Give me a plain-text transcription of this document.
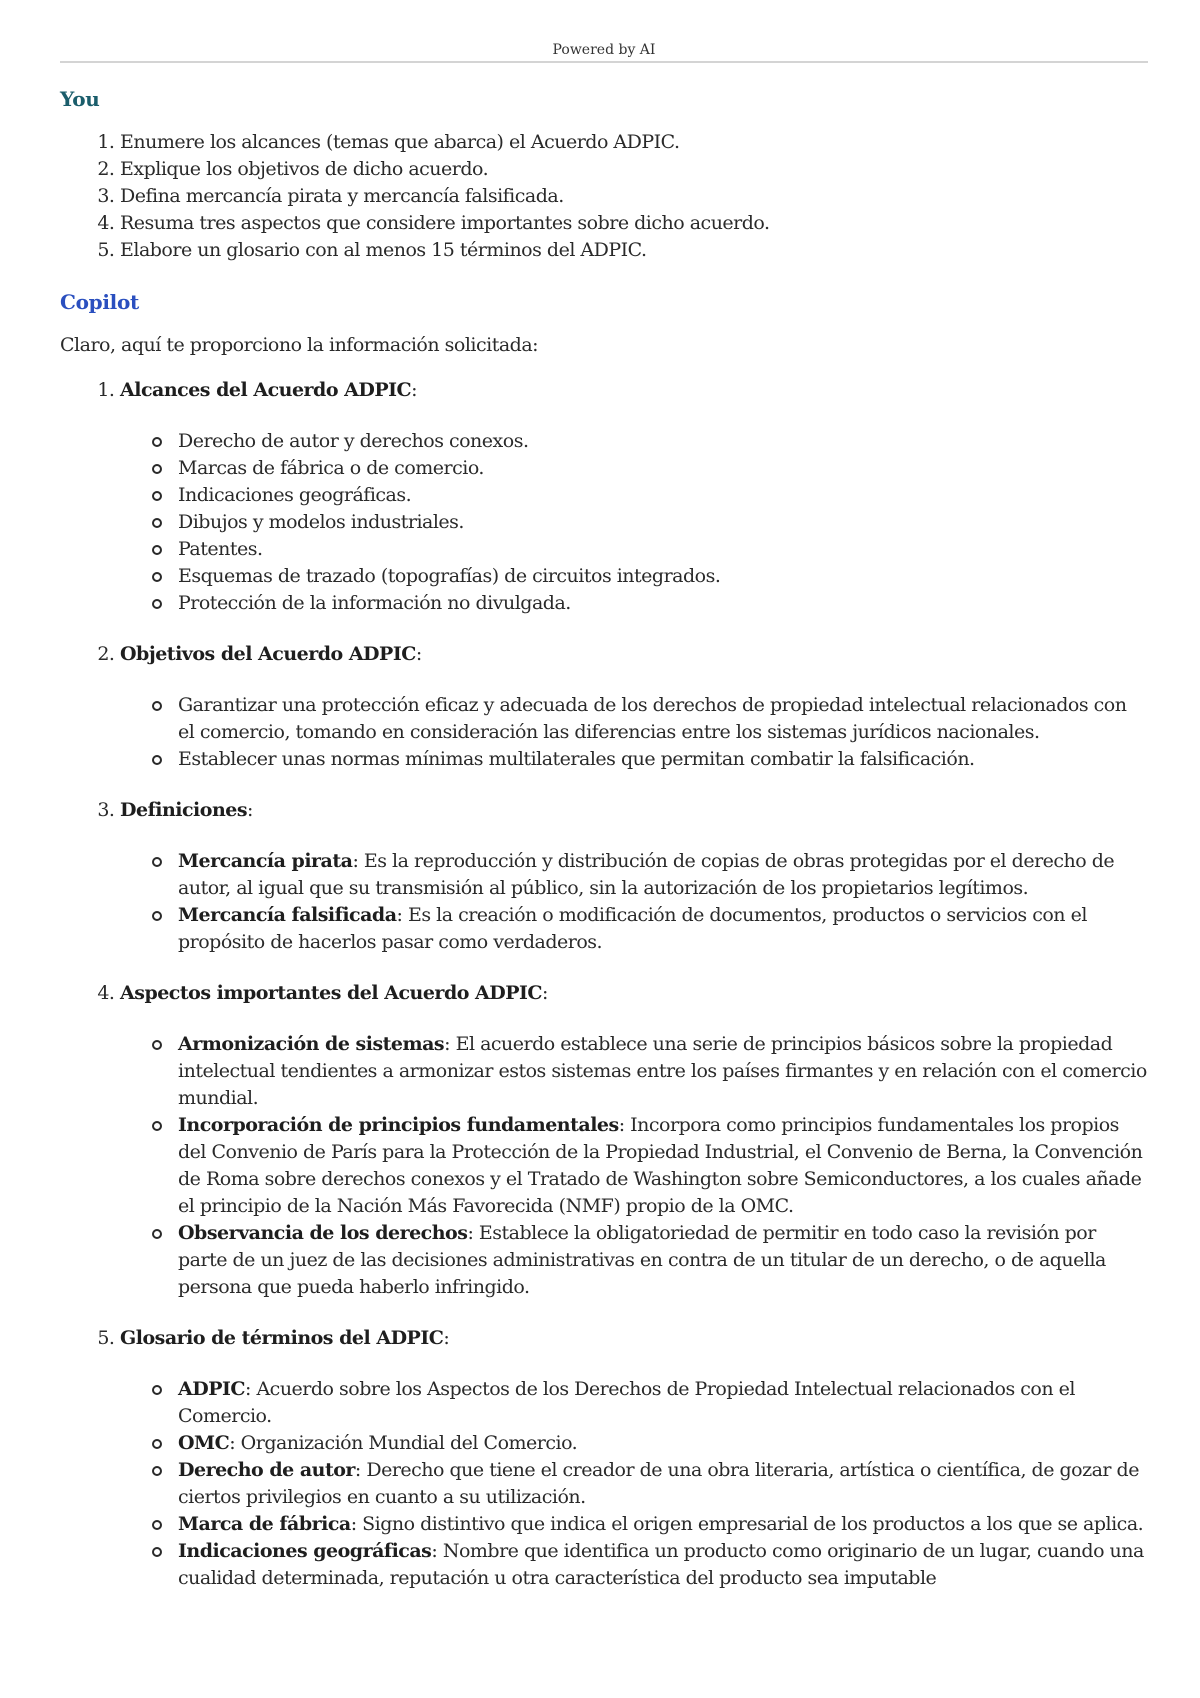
Powered by AI
You
1. Enumere los alcances (temas que abarca) el Acuerdo ADPIC.
2. Explique los objetivos de dicho acuerdo.
3. Defina mercancía pirata y mercancía falsificada.
4. Resuma tres aspectos que considere importantes sobre dicho acuerdo.
5. Elabore un glosario con al menos 15 términos del ADPIC.
Copilot

Claro, aquí te proporciono la información solicitada:

1. Alcances del Acuerdo ADPIC:
Derecho de autor y derechos conexos.
Marcas de fábrica o de comercio.
Indicaciones geográficas.
Dibujos y modelos industriales.
Patentes.
Esquemas de trazado (topografías) de circuitos integrados.
Protección de la información no divulgada.
2. Objetivos del Acuerdo ADPIC:
Garantizar una protección eficaz y adecuada de los derechos de propiedad intelectual relacionados con el comercio, tomando en consideración las diferencias entre los sistemas jurídicos nacionales.
Establecer unas normas mínimas multilaterales que permitan combatir la falsificación.
3. Definiciones:
Mercancía pirata: Es la reproducción y distribución de copias de obras protegidas por el derecho de autor, al igual que su transmisión al público, sin la autorización de los propietarios legítimos.
Mercancía falsificada: Es la creación o modificación de documentos, productos o servicios con el propósito de hacerlos pasar como verdaderos.
4. Aspectos importantes del Acuerdo ADPIC:
Armonización de sistemas: El acuerdo establece una serie de principios básicos sobre la propiedad intelectual tendientes a armonizar estos sistemas entre los países firmantes y en relación con el comercio mundial.
Incorporación de principios fundamentales: Incorpora como principios fundamentales los propios del Convenio de París para la Protección de la Propiedad Industrial, el Convenio de Berna, la Convención de Roma sobre derechos conexos y el Tratado de Washington sobre Semiconductores, a los cuales añade el principio de la Nación Más Favorecida (NMF) propio de la OMC.
Observancia de los derechos: Establece la obligatoriedad de permitir en todo caso la revisión por parte de un juez de las decisiones administrativas en contra de un titular de un derecho, o de aquella persona que pueda haberlo infringido.
5. Glosario de términos del ADPIC:
ADPIC: Acuerdo sobre los Aspectos de los Derechos de Propiedad Intelectual relacionados con el Comercio.
OMC: Organización Mundial del Comercio.
Derecho de autor: Derecho que tiene el creador de una obra literaria, artística o científica, de gozar de ciertos privilegios en cuanto a su utilización.
Marca de fábrica: Signo distintivo que indica el origen empresarial de los productos a los que se aplica.
Indicaciones geográficas: Nombre que identifica un producto como originario de un lugar, cuando una cualidad determinada, reputación u otra característica del producto sea imputable
